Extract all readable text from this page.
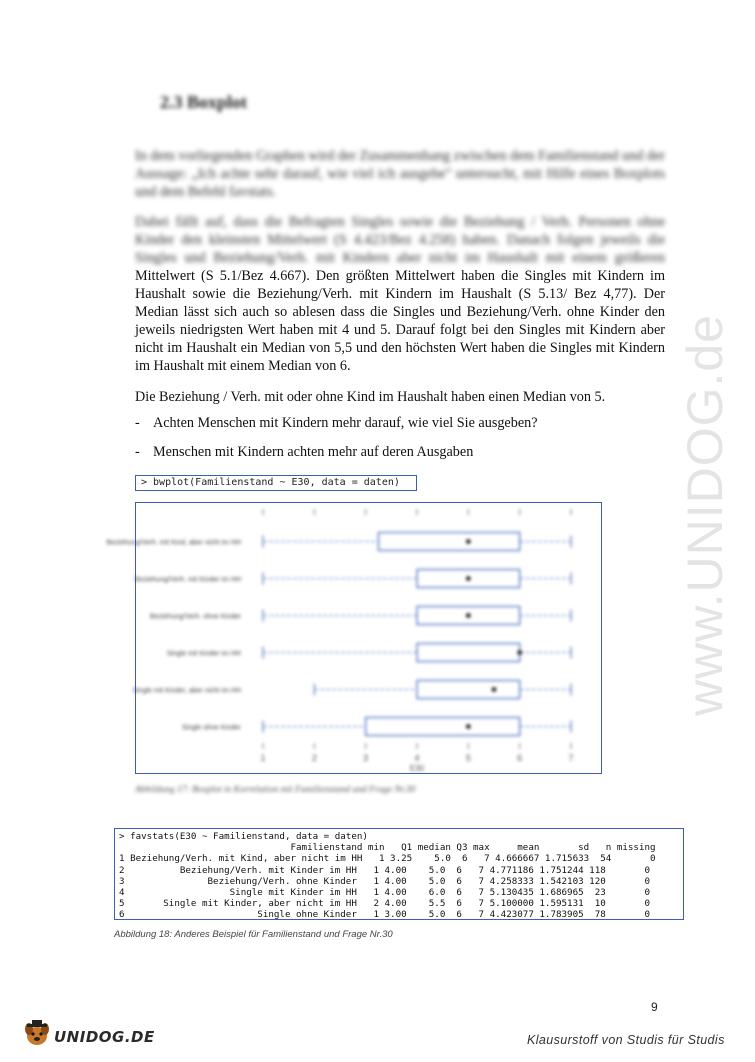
www.UNIDOG.de
2.3 Boxplot

In dem vorliegenden Graphen wird der Zusammenhang zwischen dem Familienstand und der Aussage: „Ich achte sehr darauf, wie viel ich ausgebe" untersucht, mit Hilfe eines Boxplots und dem Befehl favstats.

Dabei fällt auf, dass die Befragten Singles sowie die Beziehung / Verh. Personen ohne Kinder den kleinsten Mittelwert (S 4.423/Bez 4.258) haben. Danach folgen jeweils die Singles und Beziehung/Verh. mit Kindern aber nicht im Haushalt mit einem größeren Mittelwert (S 5.1/Bez 4.667). Den größten Mittelwert haben die Singles mit Kindern im Haushalt sowie die Beziehung/Verh. mit Kindern im Haushalt (S 5.13/ Bez 4,77). Der Median lässt sich auch so ablesen dass die Singles und Beziehung/Verh. ohne Kinder den jeweils niedrigsten Wert haben mit 4 und 5. Darauf folgt bei den Singles mit Kindern aber nicht im Haushalt ein Median von 5,5 und den höchsten Wert haben die Singles mit Kindern im Haushalt mit einem Median von 6.

Die Beziehung / Verh. mit oder ohne Kind im Haushalt haben einen Median von 5.

- Achten Menschen mit Kindern mehr darauf, wie viel Sie ausgeben?
- Menschen mit Kindern achten mehr auf deren Ausgaben
> bwplot(Familienstand ~ E30, data = daten)
1	2	3	4	5	6	7
E30
Beziehung/Verh. mit Kind, aber nicht im HH
Beziehung/Verh. mit Kinder im HH
Beziehung/Verh. ohne Kinder
Single mit Kinder im HH
Single mit Kinder, aber nicht im HH
Single ohne Kinder
Abbildung 17: Boxplot in Korrelation mit Familienstand und Frage Nr.30
> favstats(E30 ~ Familienstand, data = daten)
Familienstand min   Q1 median Q3 max     mean       sd   n missing
1 Beziehung/Verh. mit Kind, aber nicht im HH   1 3.25    5.0  6   7 4.666667 1.715633  54       0
2          Beziehung/Verh. mit Kinder im HH   1 4.00    5.0  6   7 4.771186 1.751244 118       0
3               Beziehung/Verh. ohne Kinder   1 4.00    5.0  6   7 4.258333 1.542103 120       0
4                   Single mit Kinder im HH   1 4.00    6.0  6   7 5.130435 1.686965  23       0
5       Single mit Kinder, aber nicht im HH   2 4.00    5.5  6   7 5.100000 1.595131  10       0
6                        Single ohne Kinder   1 3.00    5.0  6   7 4.423077 1.783905  78       0
Abbildung 18: Anderes Beispiel für Familienstand und Frage Nr.30
9
UNIDOG.DE	Klausurstoff von Studis für Studis
